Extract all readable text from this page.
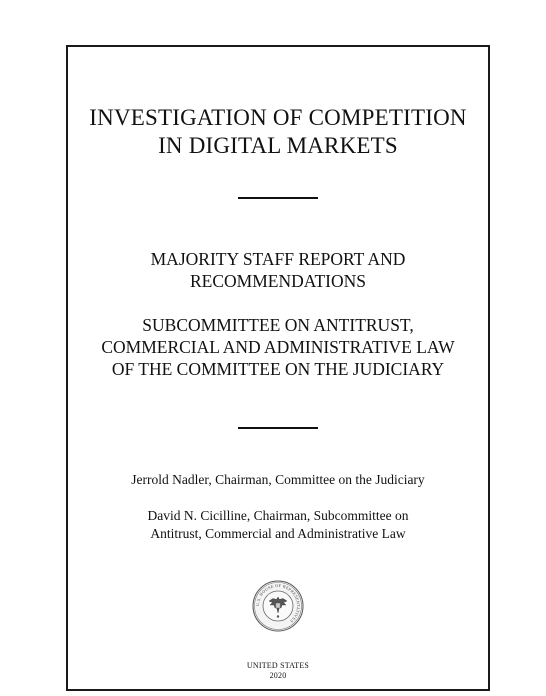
INVESTIGATION OF COMPETITION
IN DIGITAL MARKETS
MAJORITY STAFF REPORT AND
RECOMMENDATIONS
SUBCOMMITTEE ON ANTITRUST,
COMMERCIAL AND ADMINISTRATIVE LAW
OF THE COMMITTEE ON THE JUDICIARY
Jerrold Nadler, Chairman, Committee on the Judiciary
David N. Cicilline, Chairman, Subcommittee on
Antitrust, Commercial and Administrative Law
U.S. HOUSE OF REPRESENTATIVES
UNITED STATES
2020
